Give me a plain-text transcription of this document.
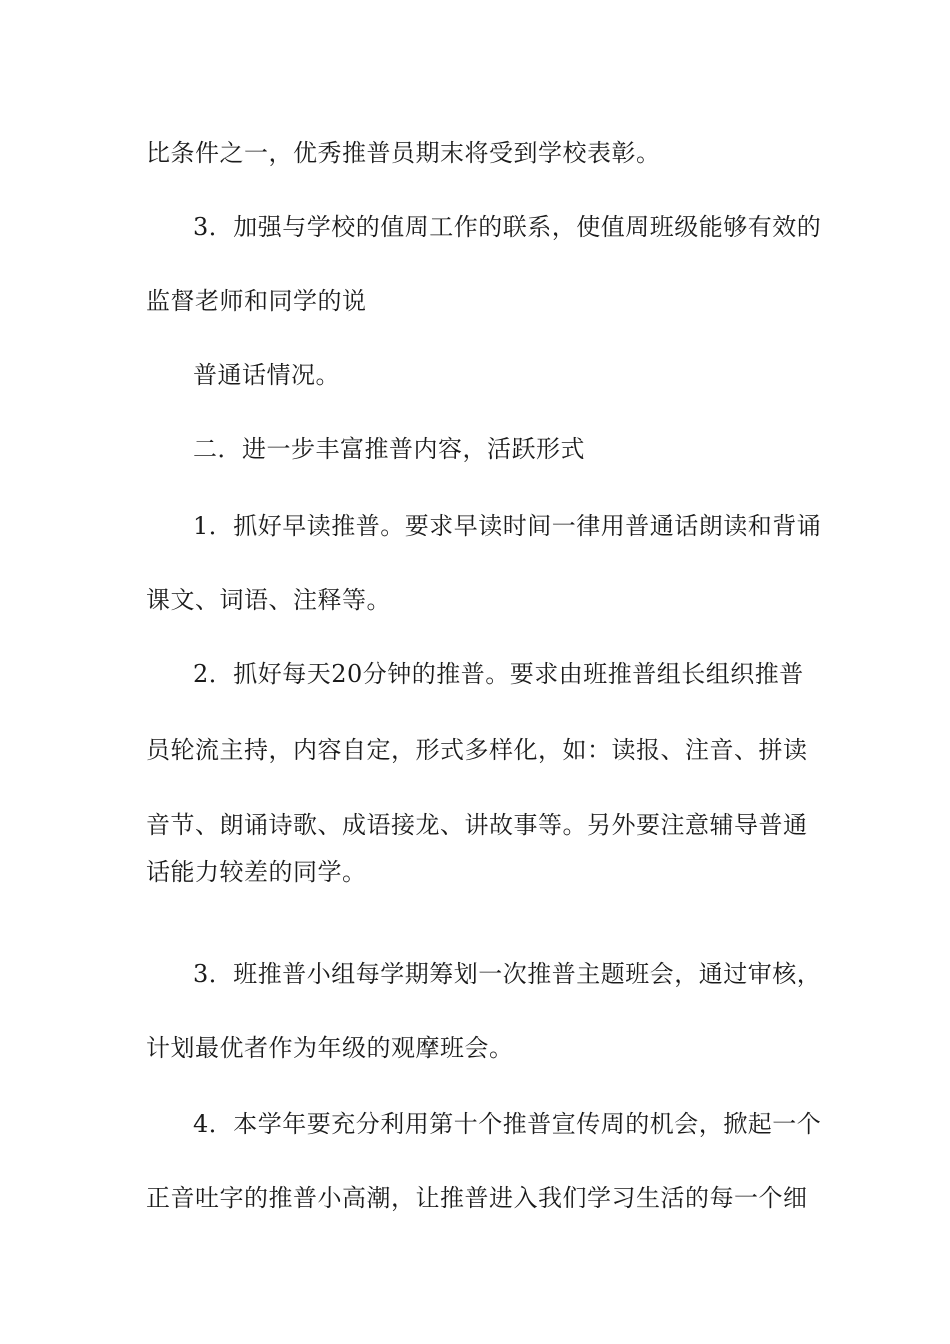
比条件之一，优秀推普员期末将受到学校表彰。
3．加强与学校的值周工作的联系，使值周班级能够有效的
监督老师和同学的说
普通话情况。
二．进一步丰富推普内容，活跃形式
1．抓好早读推普。要求早读时间一律用普通话朗读和背诵
课文、词语、注释等。
2．抓好每天20分钟的推普。要求由班推普组长组织推普
员轮流主持，内容自定，形式多样化，如：读报、注音、拼读
音节、朗诵诗歌、成语接龙、讲故事等。另外要注意辅导普通
话能力较差的同学。
3．班推普小组每学期筹划一次推普主题班会，通过审核，
计划最优者作为年级的观摩班会。
4．本学年要充分利用第十个推普宣传周的机会，掀起一个
正音吐字的推普小高潮，让推普进入我们学习生活的每一个细
